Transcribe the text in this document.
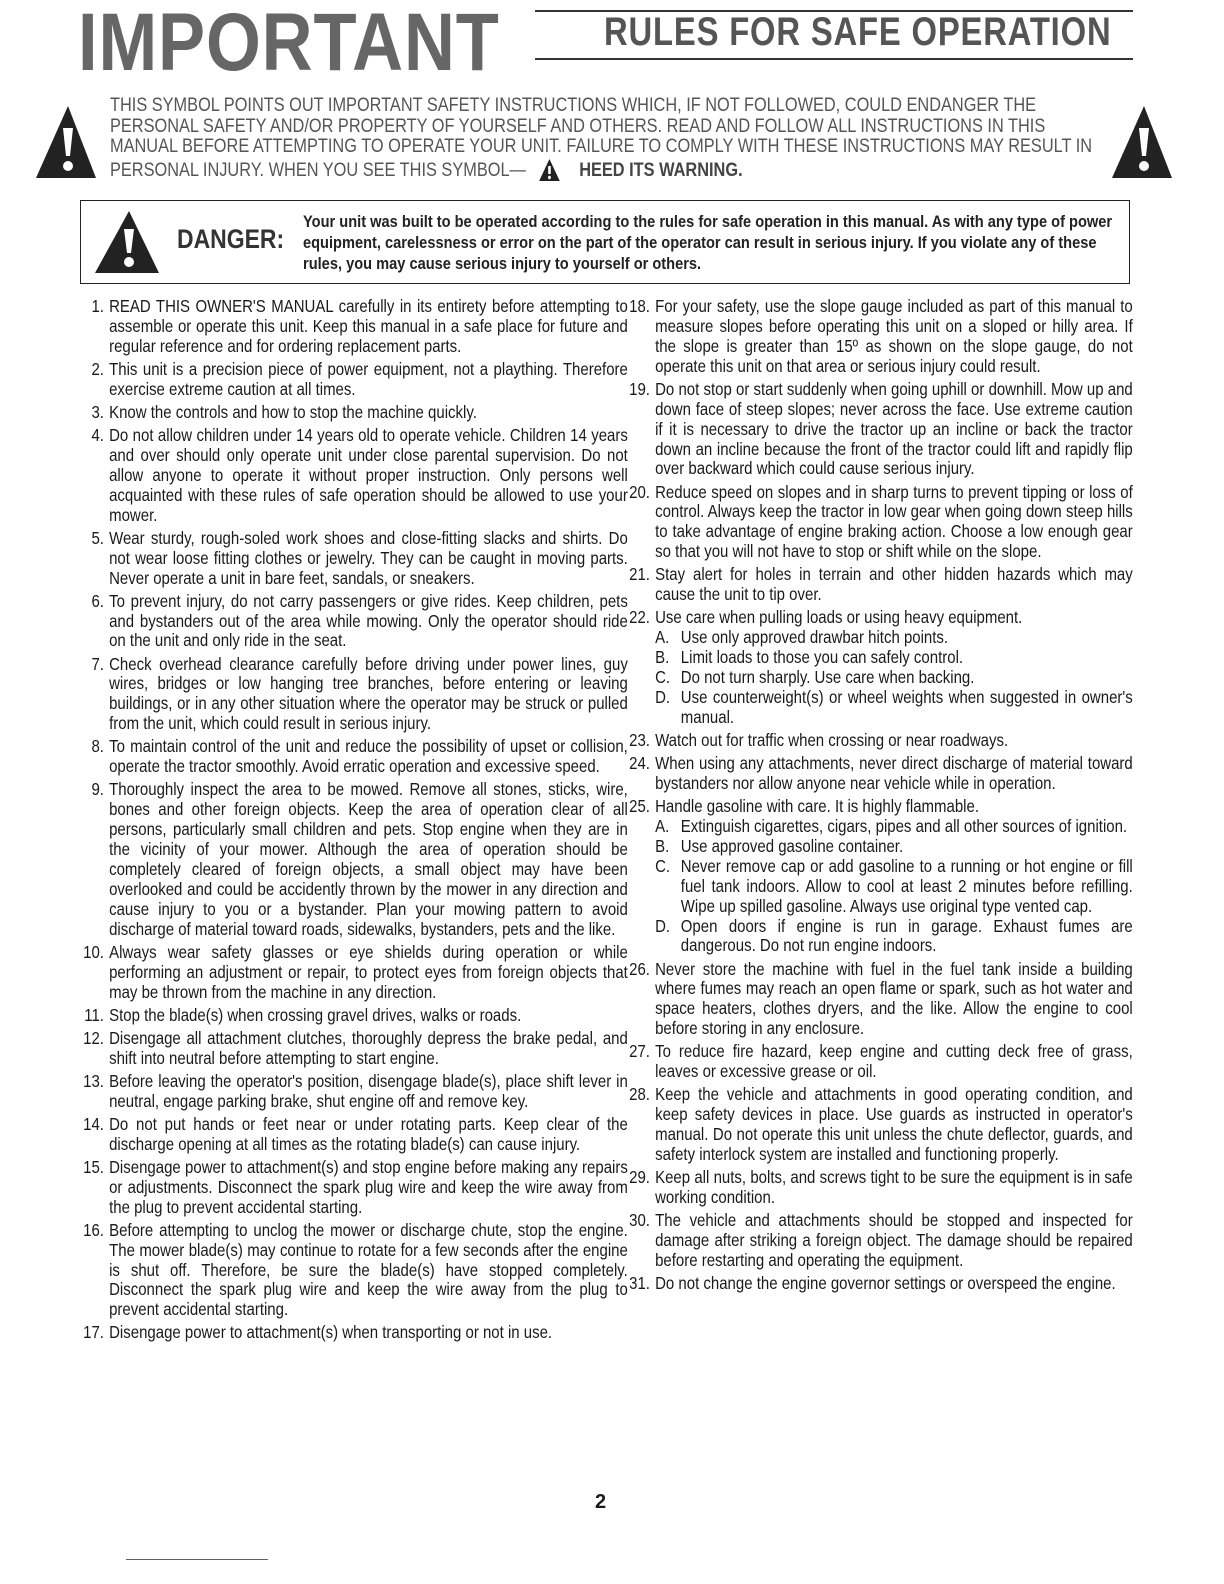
IMPORTANT	RULES FOR SAFE OPERATION
THIS SYMBOL POINTS OUT IMPORTANT SAFETY INSTRUCTIONS WHICH, IF NOT FOLLOWED, COULD ENDANGER THE PERSONAL SAFETY AND/OR PROPERTY OF YOURSELF AND OTHERS. READ AND FOLLOW ALL INSTRUCTIONS IN THIS MANUAL BEFORE ATTEMPTING TO OPERATE YOUR UNIT. FAILURE TO COMPLY WITH THESE INSTRUCTIONS MAY RESULT IN PERSONAL INJURY. WHEN YOU SEE THIS SYMBOL—	HEED ITS WARNING.
DANGER:
Your unit was built to be operated according to the rules for safe operation in this manual. As with any type of power equipment, carelessness or error on the part of the operator can result in serious injury. If you violate any of these rules, you may cause serious injury to yourself or others.
1. READ THIS OWNER'S MANUAL carefully in its entirety before attempting to assemble or operate this unit. Keep this manual in a safe place for future and regular reference and for ordering replacement parts.
2. This unit is a precision piece of power equipment, not a plaything. Therefore exercise extreme caution at all times.
3. Know the controls and how to stop the machine quickly.
4. Do not allow children under 14 years old to operate vehicle. Children 14 years and over should only operate unit under close parental supervision. Do not allow anyone to operate it without proper instruction. Only persons well acquainted with these rules of safe operation should be allowed to use your mower.
5. Wear sturdy, rough-soled work shoes and close-fitting slacks and shirts. Do not wear loose fitting clothes or jewelry. They can be caught in moving parts. Never operate a unit in bare feet, sandals, or sneakers.
6. To prevent injury, do not carry passengers or give rides. Keep children, pets and bystanders out of the area while mowing. Only the operator should ride on the unit and only ride in the seat.
7. Check overhead clearance carefully before driving under power lines, guy wires, bridges or low hanging tree branches, before entering or leaving buildings, or in any other situation where the operator may be struck or pulled from the unit, which could result in serious injury.
8. To maintain control of the unit and reduce the possibility of upset or collision, operate the tractor smoothly. Avoid erratic operation and excessive speed.
9. Thoroughly inspect the area to be mowed. Remove all stones, sticks, wire, bones and other foreign objects. Keep the area of operation clear of all persons, particularly small children and pets. Stop engine when they are in the vicinity of your mower. Although the area of operation should be completely cleared of foreign objects, a small object may have been overlooked and could be accidently thrown by the mower in any direction and cause injury to you or a bystander. Plan your mowing pattern to avoid discharge of material toward roads, sidewalks, bystanders, pets and the like.
10. Always wear safety glasses or eye shields during operation or while performing an adjustment or repair, to protect eyes from foreign objects that may be thrown from the machine in any direction.
11. Stop the blade(s) when crossing gravel drives, walks or roads.
12. Disengage all attachment clutches, thoroughly depress the brake pedal, and shift into neutral before attempting to start engine.
13. Before leaving the operator's position, disengage blade(s), place shift lever in neutral, engage parking brake, shut engine off and remove key.
14. Do not put hands or feet near or under rotating parts. Keep clear of the discharge opening at all times as the rotating blade(s) can cause injury.
15. Disengage power to attachment(s) and stop engine before making any repairs or adjustments. Disconnect the spark plug wire and keep the wire away from the plug to prevent accidental starting.
16. Before attempting to unclog the mower or discharge chute, stop the engine. The mower blade(s) may continue to rotate for a few seconds after the engine is shut off. Therefore, be sure the blade(s) have stopped completely. Disconnect the spark plug wire and keep the wire away from the plug to prevent accidental starting.
17. Disengage power to attachment(s) when transporting or not in use.
18. For your safety, use the slope gauge included as part of this manual to measure slopes before operating this unit on a sloped or hilly area. If the slope is greater than 15º as shown on the slope gauge, do not operate this unit on that area or serious injury could result.
19. Do not stop or start suddenly when going uphill or downhill. Mow up and down face of steep slopes; never across the face. Use extreme caution if it is necessary to drive the tractor up an incline or back the tractor down an incline because the front of the tractor could lift and rapidly flip over backward which could cause serious injury.
20. Reduce speed on slopes and in sharp turns to prevent tipping or loss of control. Always keep the tractor in low gear when going down steep hills to take advantage of engine braking action. Choose a low enough gear so that you will not have to stop or shift while on the slope.
21. Stay alert for holes in terrain and other hidden hazards which may cause the unit to tip over.
22. Use care when pulling loads or using heavy equipment.
A. Use only approved drawbar hitch points.
B. Limit loads to those you can safely control.
C. Do not turn sharply. Use care when backing.
D. Use counterweight(s) or wheel weights when suggested in owner's manual.
23. Watch out for traffic when crossing or near roadways.
24. When using any attachments, never direct discharge of material toward bystanders nor allow anyone near vehicle while in operation.
25. Handle gasoline with care. It is highly flammable.
A. Extinguish cigarettes, cigars, pipes and all other sources of ignition.
B. Use approved gasoline container.
C. Never remove cap or add gasoline to a running or hot engine or fill fuel tank indoors. Allow to cool at least 2 minutes before refilling. Wipe up spilled gasoline. Always use original type vented cap.
D. Open doors if engine is run in garage. Exhaust fumes are dangerous. Do not run engine indoors.
26. Never store the machine with fuel in the fuel tank inside a building where fumes may reach an open flame or spark, such as hot water and space heaters, clothes dryers, and the like. Allow the engine to cool before storing in any enclosure.
27. To reduce fire hazard, keep engine and cutting deck free of grass, leaves or excessive grease or oil.
28. Keep the vehicle and attachments in good operating condition, and keep safety devices in place. Use guards as instructed in operator's manual. Do not operate this unit unless the chute deflector, guards, and safety interlock system are installed and functioning properly.
29. Keep all nuts, bolts, and screws tight to be sure the equipment is in safe working condition.
30. The vehicle and attachments should be stopped and inspected for damage after striking a foreign object. The damage should be repaired before restarting and operating the equipment.
31. Do not change the engine governor settings or overspeed the engine.
2
